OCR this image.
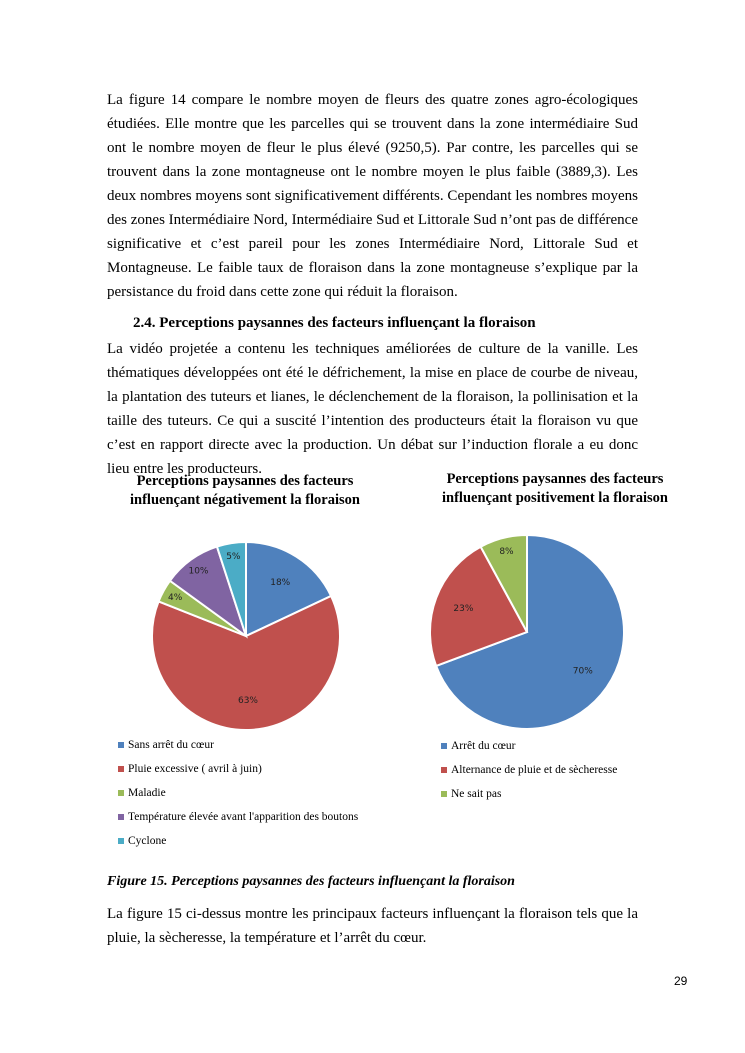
La figure 14 compare le nombre moyen de fleurs des quatre zones agro-écologiques étudiées. Elle montre que les parcelles qui se trouvent dans la zone intermédiaire Sud ont le nombre moyen de fleur le plus élevé (9250,5). Par contre, les parcelles qui se trouvent dans la zone montagneuse ont le nombre moyen le plus faible (3889,3). Les deux nombres moyens sont significativement différents. Cependant les nombres moyens des zones Intermédiaire Nord, Intermédiaire Sud et Littorale Sud n’ont pas de différence significative et c’est pareil pour les zones Intermédiaire Nord, Littorale Sud et Montagneuse. Le faible taux de floraison dans la zone montagneuse s’explique par la persistance du froid dans cette zone qui réduit la floraison.
2.4. Perceptions paysannes des facteurs influençant la floraison
La vidéo projetée a contenu les techniques améliorées de culture de la vanille. Les thématiques développées ont été le défrichement, la mise en place de courbe de niveau, la plantation des tuteurs et lianes, le déclenchement de la floraison, la pollinisation et la taille des tuteurs. Ce qui a suscité l’intention des producteurs était la floraison vu que c’est en rapport directe avec la production. Un débat sur l’induction florale a eu donc lieu entre les producteurs.
Perceptions paysannes des facteurs influençant négativement la floraison
Perceptions paysannes des facteurs influençant positivement la floraison
18%
63%
4%
10%
5%
70%
23%
8%
Sans arrêt du cœur
Pluie excessive ( avril à juin)
Maladie
Température élevée avant l'apparition des boutons
Cyclone
Arrêt du cœur
Alternance de pluie et de sècheresse
Ne sait pas
Figure 15. Perceptions paysannes des facteurs influençant la floraison
La figure 15 ci-dessus montre les principaux facteurs influençant la floraison tels que la pluie, la sècheresse, la température et l’arrêt du cœur.
29
